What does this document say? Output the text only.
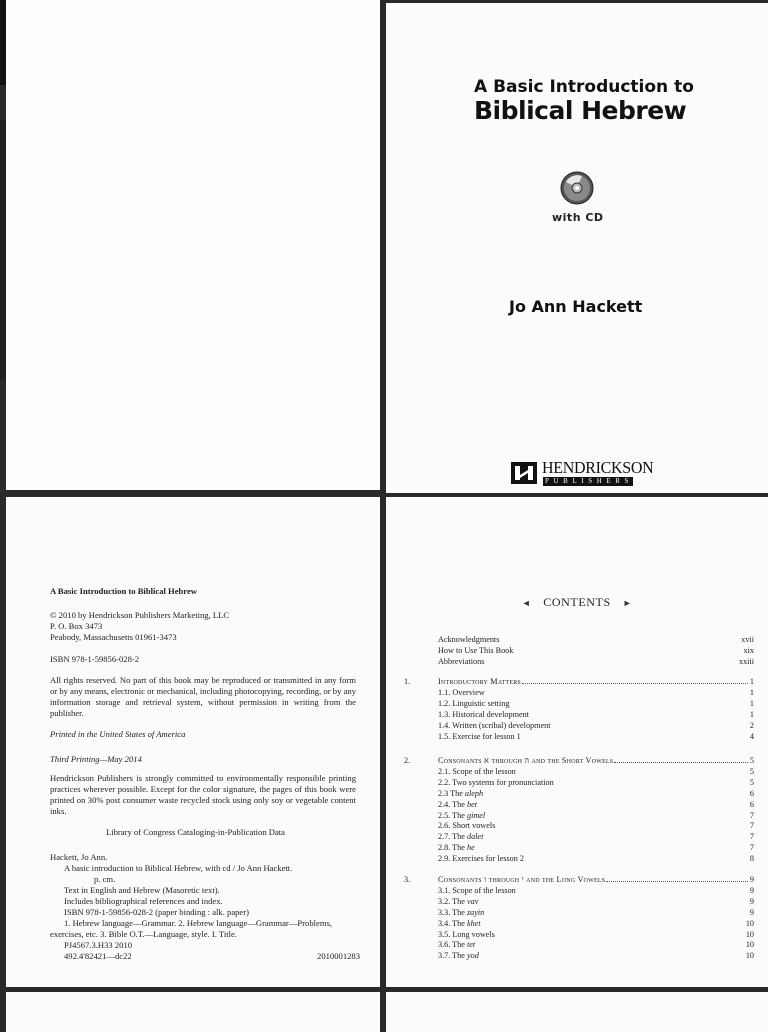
A Basic Introduction to
Biblical Hebrew
with CD
Jo Ann Hackett
HENDRICKSON
PUBLISHERS
A Basic Introduction to Biblical Hebrew
© 2010 by Hendrickson Publishers Marketing, LLC
P. O. Box 3473
Peabody, Massachusetts 01961-3473
ISBN 978-1-59856-028-2
All rights reserved. No part of this book may be reproduced or transmitted in any form or by any means, electronic or mechanical, including photocopying, recording, or by any information storage and retrieval system, without permission in writing from the publisher.
Printed in the United States of America
Third Printing—May 2014
Hendrickson Publishers is strongly committed to environmentally responsible printing practices wherever possible. Except for the color signature, the pages of this book were printed on 30% post consumer waste recycled stock using only soy or vegetable content inks.
Library of Congress Cataloging-in-Publication Data
Hackett, Jo Ann.
A basic introduction to Biblical Hebrew, with cd / Jo Ann Hackett.
p. cm.
Text in English and Hebrew (Masoretic text).
Includes bibliographical references and index.
ISBN 978-1-59856-028-2 (paper binding : alk. paper)
1. Hebrew language—Grammar. 2. Hebrew language—Grammar—Problems,
exercises, etc. 3. Bible O.T.—Language, style. I. Title.
PJ4567.3.H33 2010
492.4'82421—dc22	2010001283
◄ CONTENTS ►
Acknowledgments	xvii
How to Use This Book	xix
Abbreviations	xxiii
1.	Introductory Matters	1
1.1. Overview	1
1.2. Linguistic setting	1
1.3. Historical development	1
1.4. Written (scribal) development	2
1.5. Exercise for lesson 1	4
2.	Consonants א through ה and the Short Vowels	5
2.1. Scope of the lesson	5
2.2. Two systems for pronunciation	5
2.3 The aleph	6
2.4. The bet	6
2.5. The gimel	7
2.6. Short vowels	7
2.7. The dalet	7
2.8. The he	7
2.9. Exercises for lesson 2	8
3.	Consonants ו through י and the Long Vowels	9
3.1. Scope of the lesson	9
3.2. The vav	9
3.3. The zayin	9
3.4. The khet	10
3.5. Long vowels	10
3.6. The tet	10
3.7. The yod	10
